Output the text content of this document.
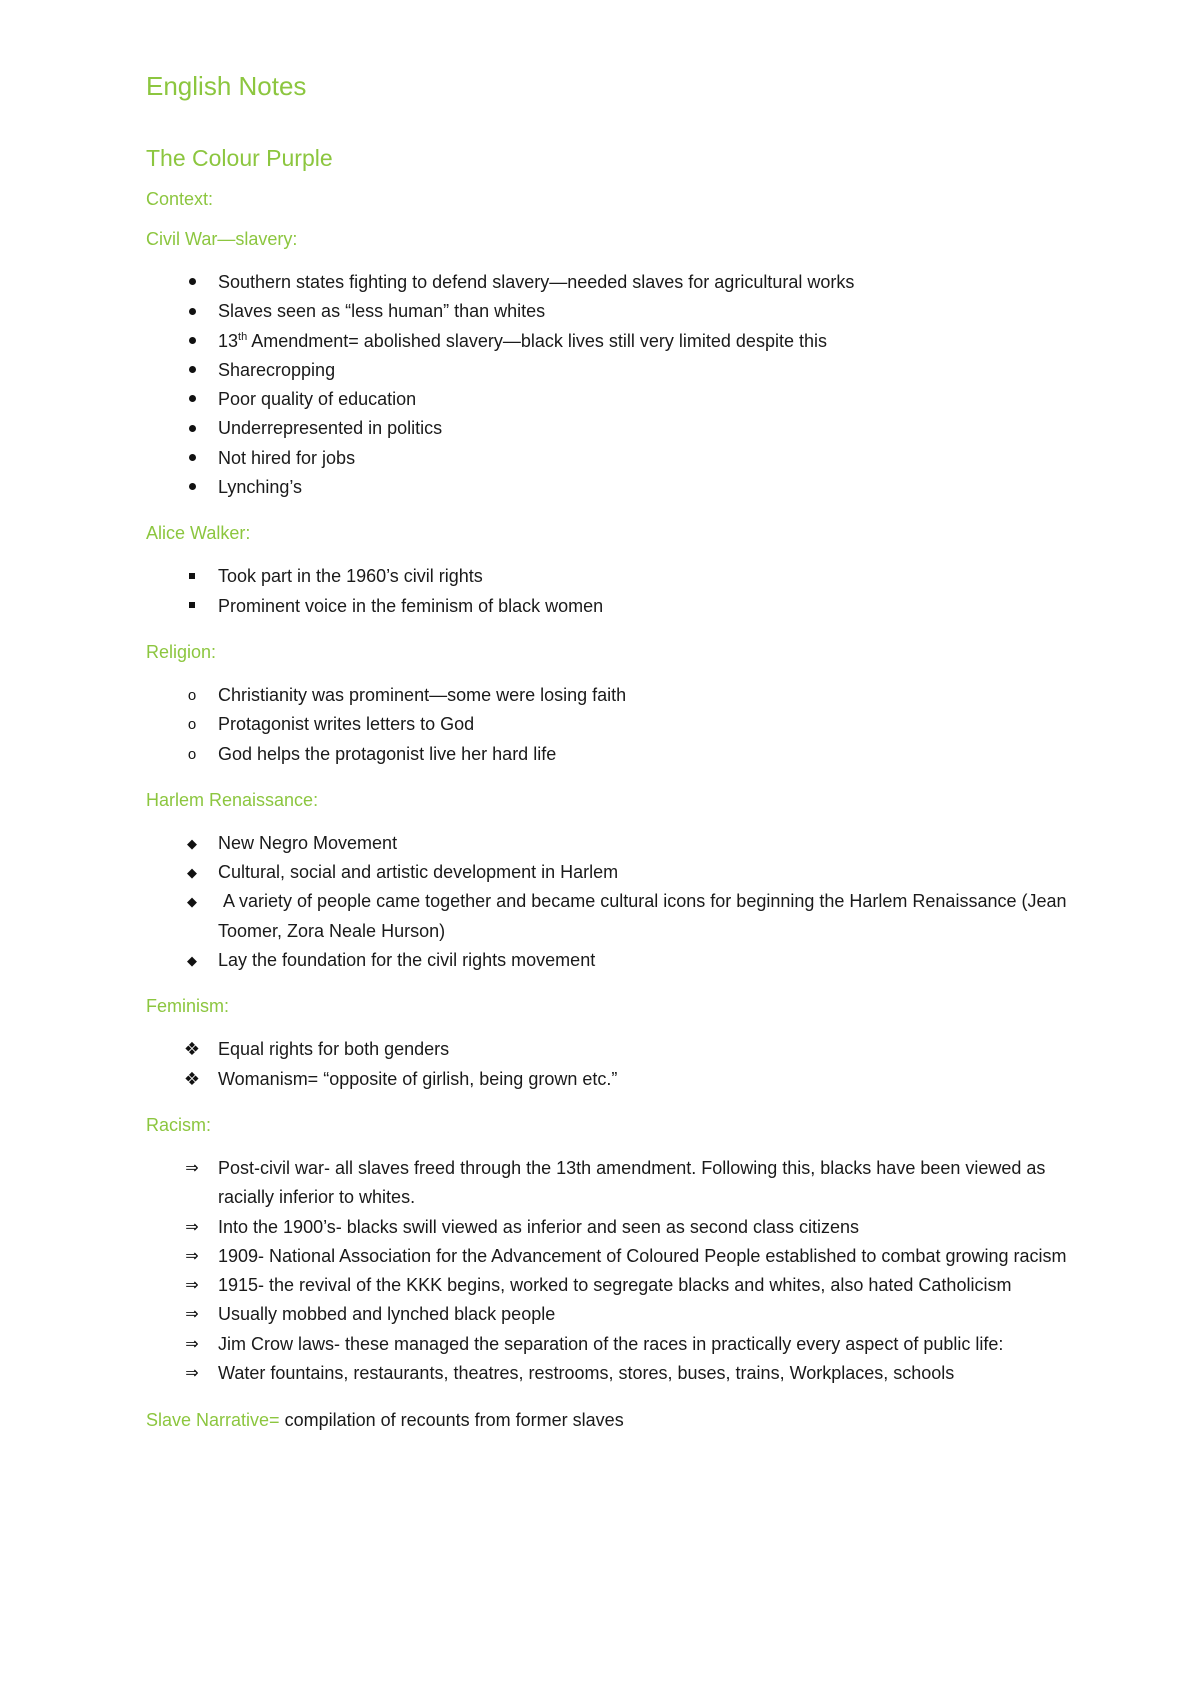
English Notes
The Colour Purple
Context:
Civil War—slavery:
Southern states fighting to defend slavery—needed slaves for agricultural works
Slaves seen as “less human” than whites
13th Amendment= abolished slavery—black lives still very limited despite this
Sharecropping
Poor quality of education
Underrepresented in politics
Not hired for jobs
Lynching’s
Alice Walker:
Took part in the 1960’s civil rights
Prominent voice in the feminism of black women
Religion:
o	Christianity was prominent—some were losing faith
o	Protagonist writes letters to God
o	God helps the protagonist live her hard life
Harlem Renaissance:
◆	New Negro Movement
◆	Cultural, social and artistic development in Harlem
◆	A variety of people came together and became cultural icons for beginning the Harlem Renaissance (Jean Toomer, Zora Neale Hurson)
◆	Lay the foundation for the civil rights movement
Feminism:
❖ Equal rights for both genders
❖ Womanism= “opposite of girlish, being grown etc.”
Racism:
⇒ Post-civil war- all slaves freed through the 13th amendment. Following this, blacks have been viewed as racially inferior to whites.
⇒ Into the 1900’s- blacks swill viewed as inferior and seen as second class citizens
⇒ 1909- National Association for the Advancement of Coloured People established to combat growing racism
⇒ 1915- the revival of the KKK begins, worked to segregate blacks and whites, also hated Catholicism
⇒ Usually mobbed and lynched black people
⇒ Jim Crow laws- these managed the separation of the races in practically every aspect of public life:
⇒ Water fountains, restaurants, theatres, restrooms, stores, buses, trains, Workplaces, schools

Slave Narrative= compilation of recounts from former slaves
